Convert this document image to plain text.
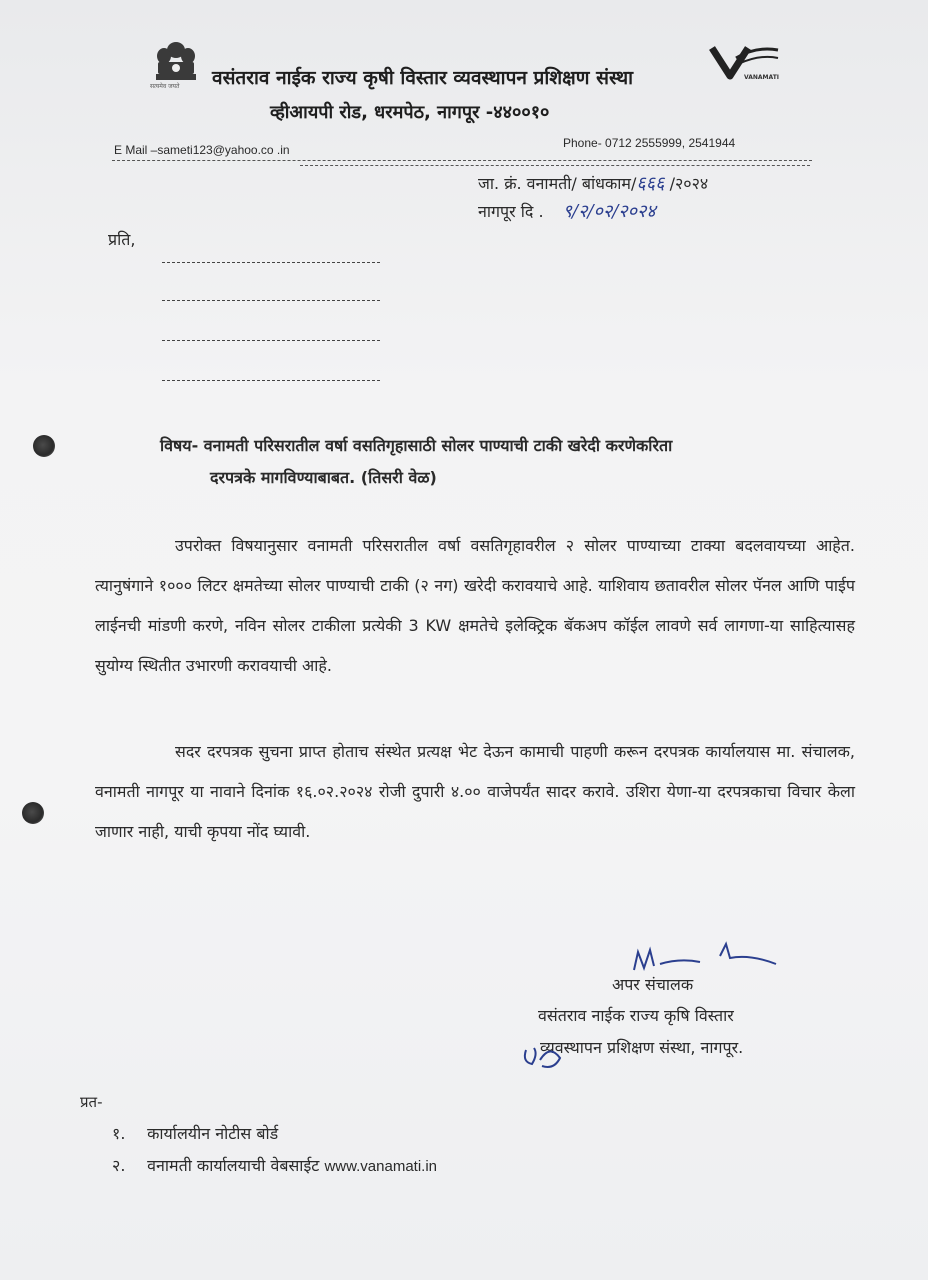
सत्यमेव जयते	वसंतराव नाईक राज्य कृषी विस्तार व्यवस्थापन प्रशिक्षण संस्था
व्हीआयपी रोड, धरमपेठ, नागपूर -४४००१०
VANAMATI
E Mail –sameti123@yahoo.co .in	Phone- 0712 2555999, 2541944
जा. क्रं. वनामती/ बांधकाम/६६६ /२०२४
नागपूर दि . ९/२/०२/२०२४
प्रति,
विषय- वनामती परिसरातील वर्षा वसतिगृहासाठी सोलर पाण्याची टाकी खरेदी करणेकरिता
दरपत्रके मागविण्याबाबत. (तिसरी वेळ)
उपरोक्त विषयानुसार वनामती परिसरातील वर्षा वसतिगृहावरील २ सोलर पाण्याच्या टाक्या बदलवायच्या आहेत. त्यानुषंगाने १००० लिटर क्षमतेच्या सोलर पाण्याची टाकी (२ नग) खरेदी करावयाचे आहे. याशिवाय छतावरील सोलर पॅनल आणि पाईप लाईनची मांडणी करणे, नविन सोलर टाकीला प्रत्येकी 3 KW क्षमतेचे इलेक्ट्रिक बॅकअप कॉईल लावणे सर्व लागणा-या साहित्यासह सुयोग्य स्थितीत उभारणी करावयाची आहे.
सदर दरपत्रक सुचना प्राप्त होताच संस्थेत प्रत्यक्ष भेट देऊन कामाची पाहणी करून दरपत्रक कार्यालयास मा. संचालक, वनामती नागपूर या नावाने दिनांक १६.०२.२०२४ रोजी दुपारी ४.०० वाजेपर्यंत सादर करावे. उशिरा येणा-या दरपत्रकाचा विचार केला जाणार नाही, याची कृपया नोंद घ्यावी.
अपर संचालक
वसंतराव नाईक राज्य कृषि विस्तार
व्यवस्थापन प्रशिक्षण संस्था, नागपूर.
प्रत-
१. कार्यालयीन नोटीस बोर्ड
२. वनामती कार्यालयाची वेबसाईट www.vanamati.in
